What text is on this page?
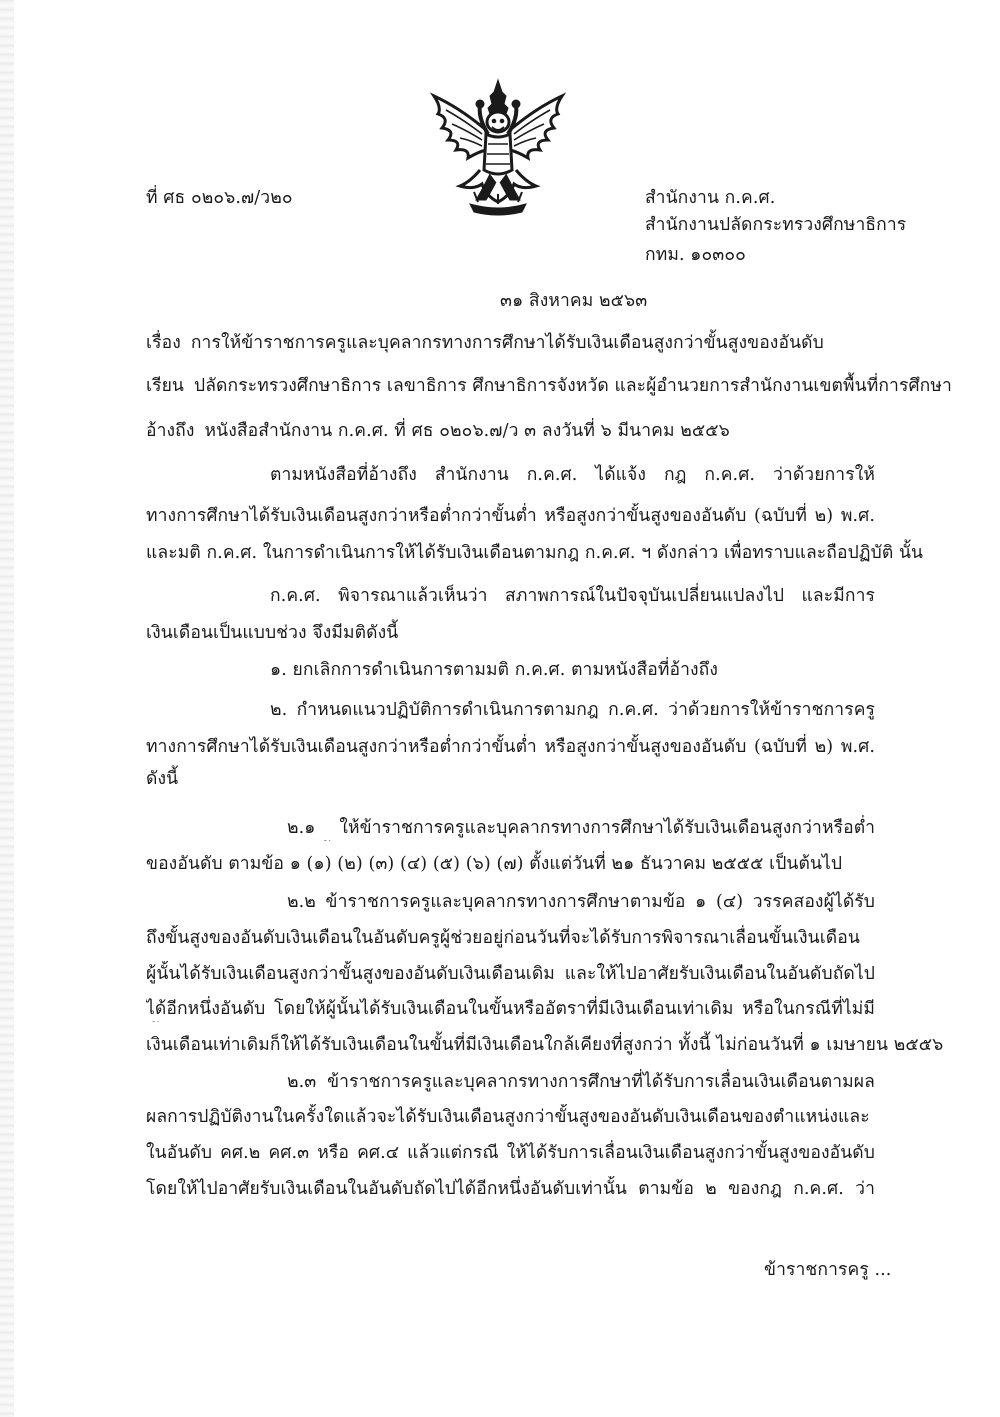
ที่ ศธ ๐๒๐๖.๗/ว๒๐	สำนักงาน ก.ค.ศ.
สำนักงานปลัดกระทรวงศึกษาธิการ
กทม. ๑๐๓๐๐
๓๑ สิงหาคม ๒๕๖๓
เรื่อง การให้ข้าราชการครูและบุคลากรทางการศึกษาได้รับเงินเดือนสูงกว่าขั้นสูงของอันดับ
เรียน ปลัดกระทรวงศึกษาธิการ เลขาธิการ ศึกษาธิการจังหวัด และผู้อำนวยการสำนักงานเขตพื้นที่การศึกษา
อ้างถึง หนังสือสำนักงาน ก.ค.ศ. ที่ ศธ ๐๒๐๖.๗/ว ๓ ลงวันที่ ๖ มีนาคม ๒๕๕๖
ตามหนังสือที่อ้างถึง สำนักงาน ก.ค.ศ. ได้แจ้ง กฎ ก.ค.ศ. ว่าด้วยการให้
ทางการศึกษาได้รับเงินเดือนสูงกว่าหรือต่ำกว่าขั้นต่ำ หรือสูงกว่าขั้นสูงของอันดับ (ฉบับที่ ๒) พ.ศ.
และมติ ก.ค.ศ. ในการดำเนินการให้ได้รับเงินเดือนตามกฎ ก.ค.ศ. ฯ ดังกล่าว เพื่อทราบและถือปฏิบัติ นั้น
ก.ค.ศ. พิจารณาแล้วเห็นว่า สภาพการณ์ในปัจจุบันเปลี่ยนแปลงไป และมีการ
เงินเดือนเป็นแบบช่วง จึงมีมติดังนี้
๑. ยกเลิกการดำเนินการตามมติ ก.ค.ศ. ตามหนังสือที่อ้างถึง
๒. กำหนดแนวปฏิบัติการดำเนินการตามกฎ ก.ค.ศ. ว่าด้วยการให้ข้าราชการครู
ทางการศึกษาได้รับเงินเดือนสูงกว่าหรือต่ำกว่าขั้นต่ำ หรือสูงกว่าขั้นสูงของอันดับ (ฉบับที่ ๒) พ.ศ.
ดังนี้
๒.๑ ให้ข้าราชการครูและบุคลากรทางการศึกษาได้รับเงินเดือนสูงกว่าหรือต่ำ
ของอันดับ ตามข้อ ๑ (๑) (๒) (๓) (๔) (๕) (๖) (๗) ตั้งแต่วันที่ ๒๑ ธันวาคม ๒๕๕๕ เป็นต้นไป
๒.๒ ข้าราชการครูและบุคลากรทางการศึกษาตามข้อ ๑ (๔) วรรคสองผู้ได้รับ
ถึงขั้นสูงของอันดับเงินเดือนในอันดับครูผู้ช่วยอยู่ก่อนวันที่จะได้รับการพิจารณาเลื่อนขั้นเงินเดือน
ผู้นั้นได้รับเงินเดือนสูงกว่าขั้นสูงของอันดับเงินเดือนเดิม และให้ไปอาศัยรับเงินเดือนในอันดับถัดไป
ได้อีกหนึ่งอันดับ โดยให้ผู้นั้นได้รับเงินเดือนในขั้นหรืออัตราที่มีเงินเดือนเท่าเดิม หรือในกรณีที่ไม่มี
เงินเดือนเท่าเดิมก็ให้ได้รับเงินเดือนในขั้นที่มีเงินเดือนใกล้เคียงที่สูงกว่า ทั้งนี้ ไม่ก่อนวันที่ ๑ เมษายน ๒๕๕๖
๒.๓ ข้าราชการครูและบุคลากรทางการศึกษาที่ได้รับการเลื่อนเงินเดือนตามผล
ผลการปฏิบัติงานในครั้งใดแล้วจะได้รับเงินเดือนสูงกว่าขั้นสูงของอันดับเงินเดือนของตำแหน่งและ
ในอันดับ คศ.๒ คศ.๓ หรือ คศ.๔ แล้วแต่กรณี ให้ได้รับการเลื่อนเงินเดือนสูงกว่าขั้นสูงของอันดับ
โดยให้ไปอาศัยรับเงินเดือนในอันดับถัดไปได้อีกหนึ่งอันดับเท่านั้น ตามข้อ ๒ ของกฎ ก.ค.ศ. ว่า
ข้าราชการครู ...
